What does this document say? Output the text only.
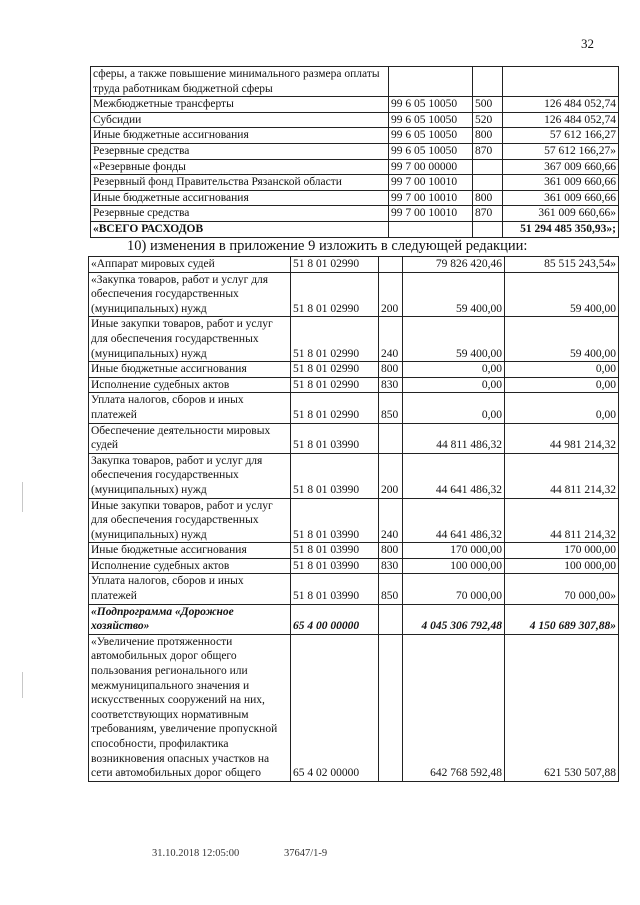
32
сферы, а также повышение минимального размера оплаты труда работникам бюджетной сферы			
Межбюджетные трансферты	99 6 05 10050	500	126 484 052,74
Субсидии	99 6 05 10050	520	126 484 052,74
Иные бюджетные ассигнования	99 6 05 10050	800	57 612 166,27
Резервные средства	99 6 05 10050	870	57 612 166,27»
«Резервные фонды	99 7 00 00000		367 009 660,66
Резервный фонд Правительства Рязанской области	99 7 00 10010		361 009 660,66
Иные бюджетные ассигнования	99 7 00 10010	800	361 009 660,66
Резервные средства	99 7 00 10010	870	361 009 660,66»
«ВСЕГО РАСХОДОВ			51 294 485 350,93»;
10) изменения в приложение 9 изложить в следующей редакции:
«Аппарат мировых судей	51 8 01 02990		79 826 420,46	85 515 243,54»
«Закупка товаров, работ и услуг для обеспечения государственных (муниципальных) нужд	51 8 01 02990	200	59 400,00	59 400,00
Иные закупки товаров, работ и услуг для обеспечения государственных (муниципальных) нужд	51 8 01 02990	240	59 400,00	59 400,00
Иные бюджетные ассигнования	51 8 01 02990	800	0,00	0,00
Исполнение судебных актов	51 8 01 02990	830	0,00	0,00
Уплата налогов, сборов и иных платежей	51 8 01 02990	850	0,00	0,00
Обеспечение деятельности мировых судей	51 8 01 03990		44 811 486,32	44 981 214,32
Закупка товаров, работ и услуг для обеспечения государственных (муниципальных) нужд	51 8 01 03990	200	44 641 486,32	44 811 214,32
Иные закупки товаров, работ и услуг для обеспечения государственных (муниципальных) нужд	51 8 01 03990	240	44 641 486,32	44 811 214,32
Иные бюджетные ассигнования	51 8 01 03990	800	170 000,00	170 000,00
Исполнение судебных актов	51 8 01 03990	830	100 000,00	100 000,00
Уплата налогов, сборов и иных платежей	51 8 01 03990	850	70 000,00	70 000,00»
«Подпрограмма «Дорожное хозяйство»	65 4 00 00000		4 045 306 792,48	4 150 689 307,88»
«Увеличение протяженности автомобильных дорог общего пользования регионального или межмуниципального значения и искусственных сооружений на них, соответствующих нормативным требованиям, увеличение пропускной способности, профилактика возникновения опасных участков на сети автомобильных дорог общего	65 4 02 00000		642 768 592,48	621 530 507,88
31.10.2018 12:05:00	37647/1-9
